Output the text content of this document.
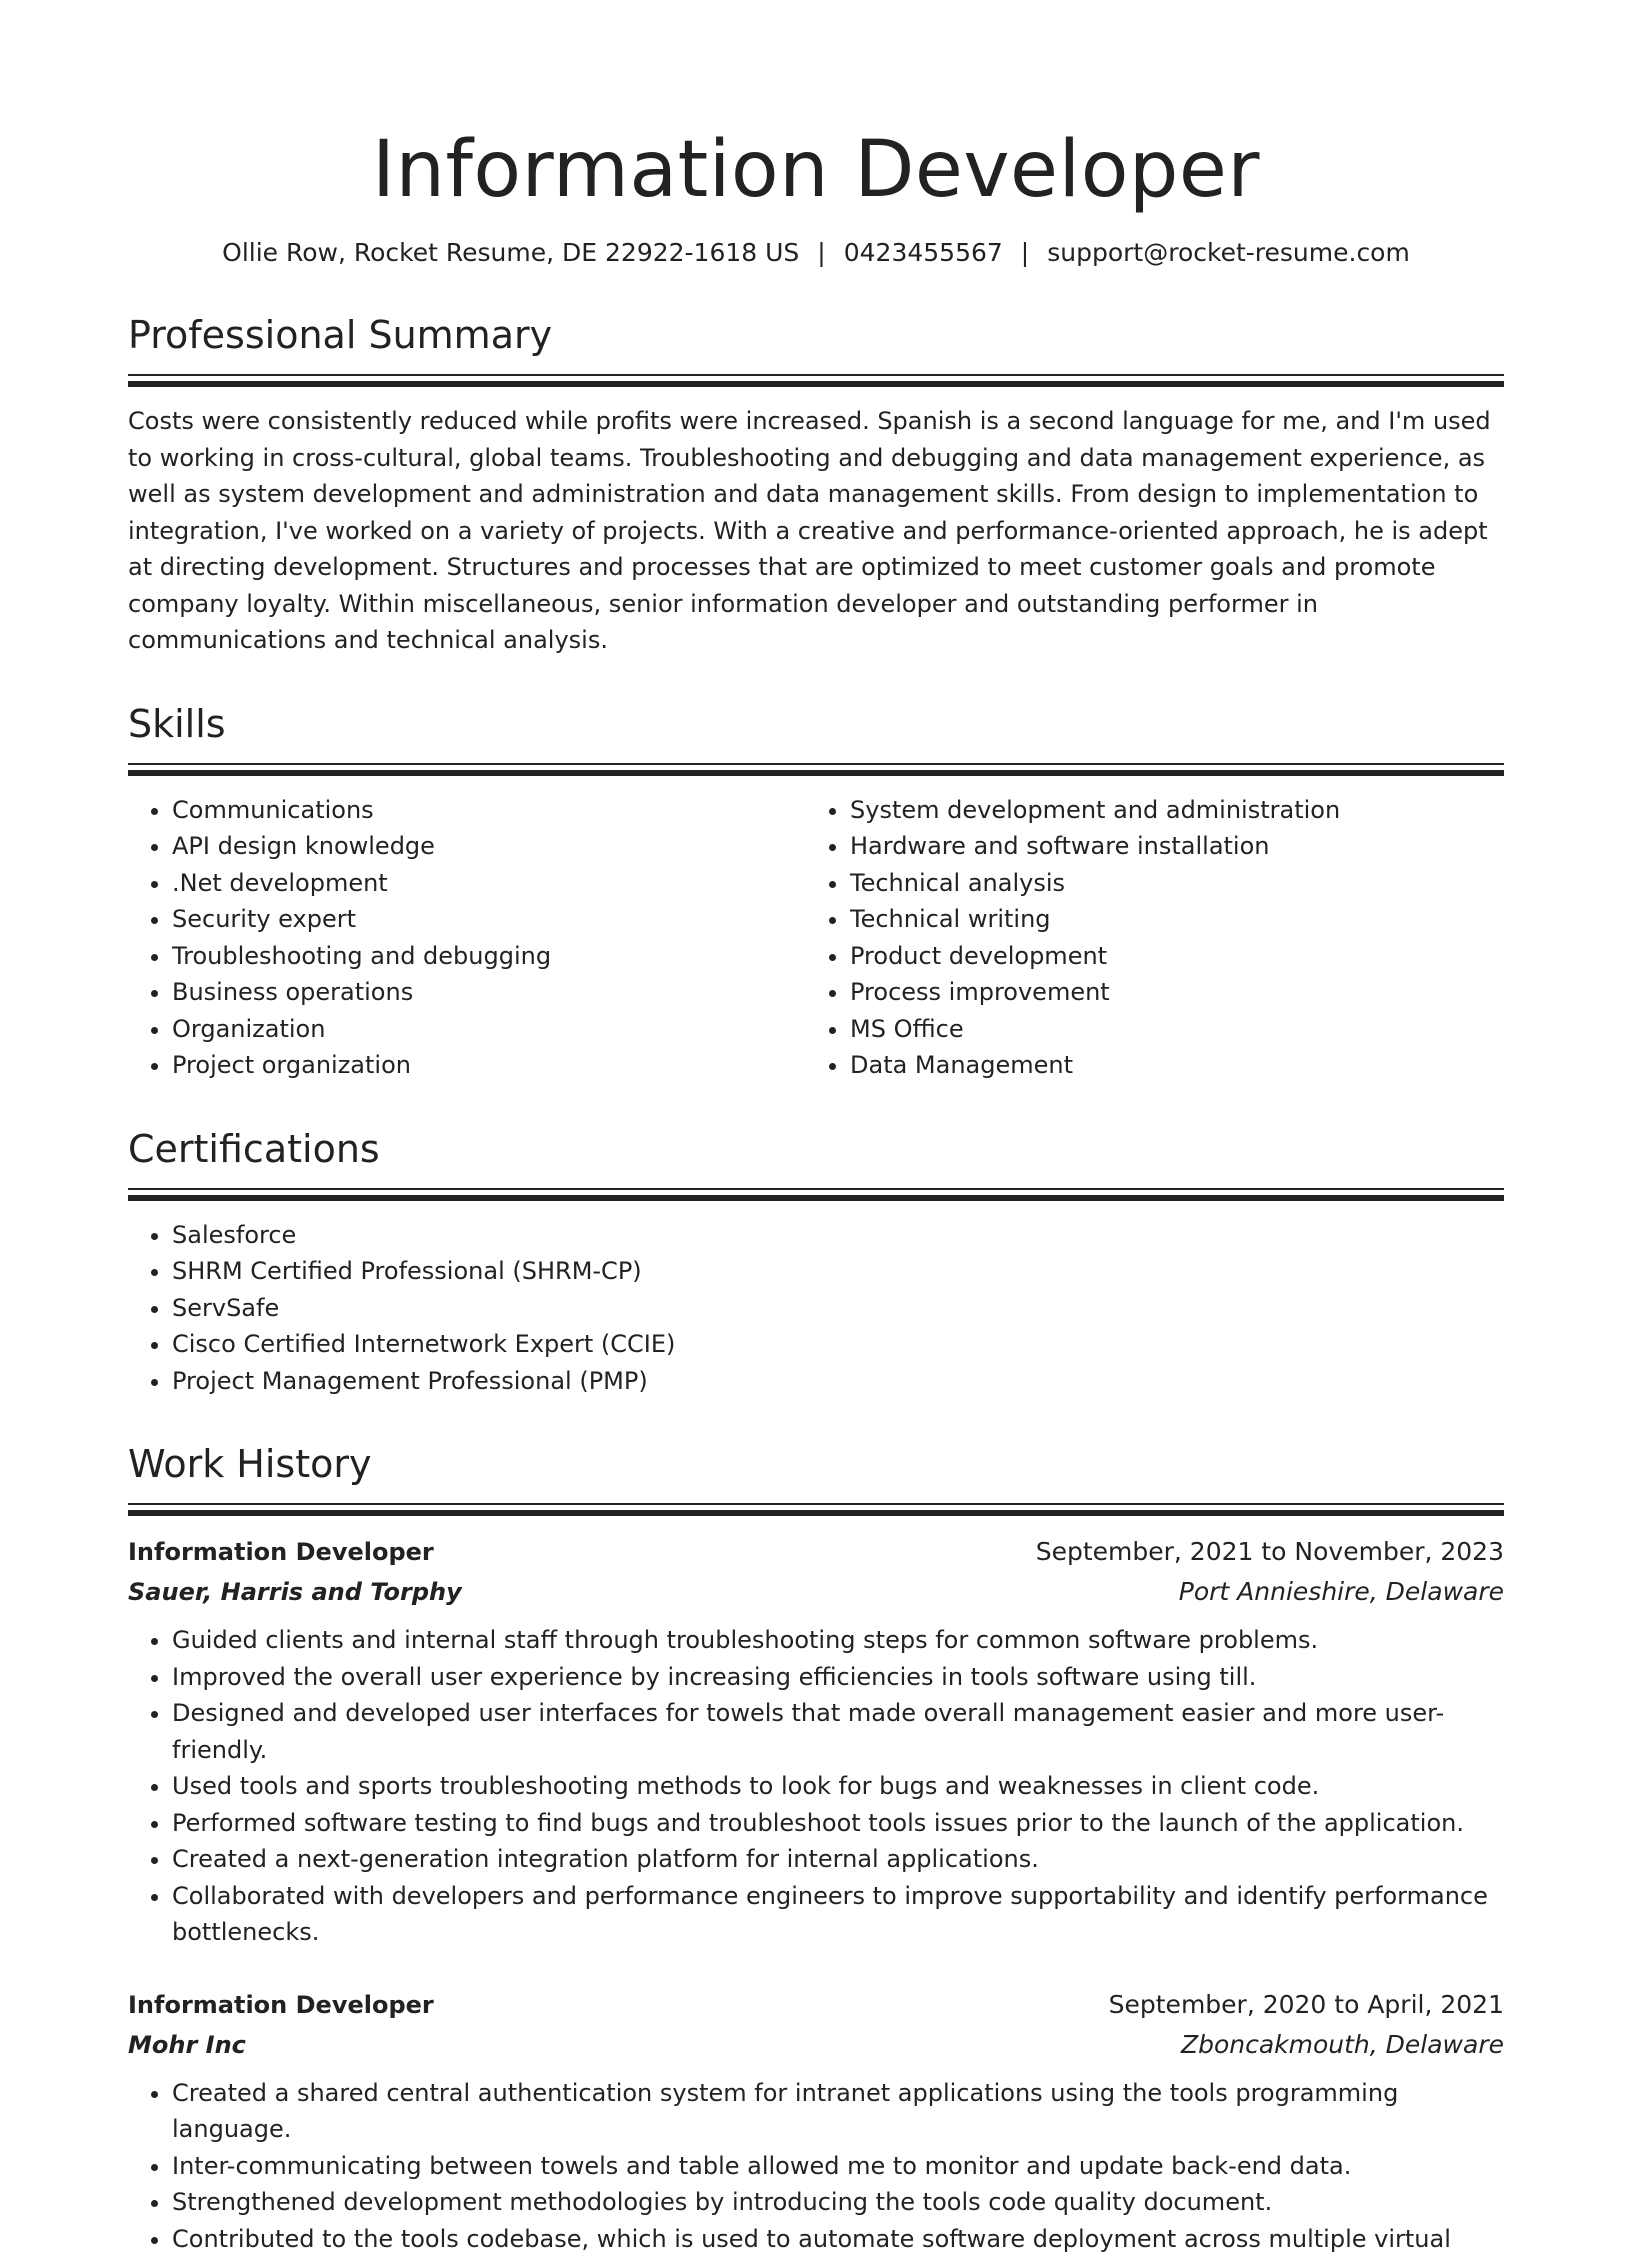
Information Developer
Ollie Row, Rocket Resume, DE 22922-1618 US | 0423455567 | support@rocket-resume.com
Professional Summary

Costs were consistently reduced while profits were increased. Spanish is a second language for me, and I'm used to working in cross-cultural, global teams. Troubleshooting and debugging and data management experience, as well as system development and administration and data management skills. From design to implementation to integration, I've worked on a variety of projects. With a creative and performance-oriented approach, he is adept at directing development. Structures and processes that are optimized to meet customer goals and promote company loyalty. Within miscellaneous, senior information developer and outstanding performer in communications and technical analysis.

Skills
• Communications
• API design knowledge
• .Net development
• Security expert
• Troubleshooting and debugging
• Business operations
• Organization
• Project organization
• System development and administration
• Hardware and software installation
• Technical analysis
• Technical writing
• Product development
• Process improvement
• MS Office
• Data Management
Certifications
• Salesforce
• SHRM Certified Professional (SHRM-CP)
• ServSafe
• Cisco Certified Internetwork Expert (CCIE)
• Project Management Professional (PMP)
Work History
Information Developer	September, 2021 to November, 2023
Sauer, Harris and Torphy	Port Annieshire, Delaware
• Guided clients and internal staff through troubleshooting steps for common software problems.
• Improved the overall user experience by increasing efficiencies in tools software using till.
• Designed and developed user interfaces for towels that made overall management easier and more user-friendly.
• Used tools and sports troubleshooting methods to look for bugs and weaknesses in client code.
• Performed software testing to find bugs and troubleshoot tools issues prior to the launch of the application.
• Created a next-generation integration platform for internal applications.
• Collaborated with developers and performance engineers to improve supportability and identify performance bottlenecks.
Information Developer	September, 2020 to April, 2021
Mohr Inc	Zboncakmouth, Delaware
• Created a shared central authentication system for intranet applications using the tools programming language.
• Inter-communicating between towels and table allowed me to monitor and update back-end data.
• Strengthened development methodologies by introducing the tools code quality document.
• Contributed to the tools codebase, which is used to automate software deployment across multiple virtual
